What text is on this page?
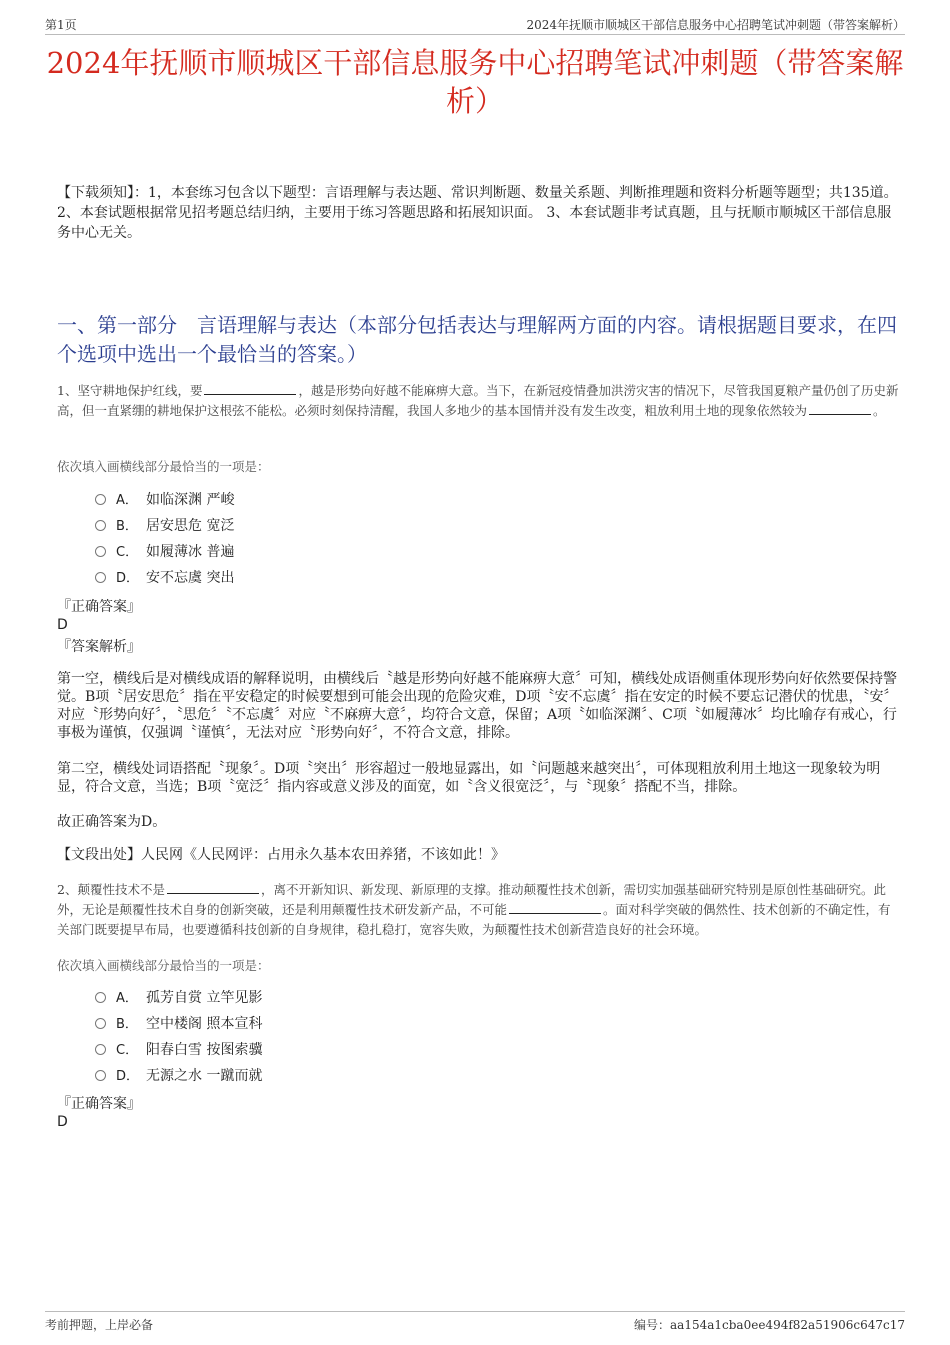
第1页	2024年抚顺市顺城区干部信息服务中心招聘笔试冲刺题（带答案解析）
2024年抚顺市顺城区干部信息服务中心招聘笔试冲刺题（带答案解析）
【下载须知】：1，本套练习包含以下题型：言语理解与表达题、常识判断题、数量关系题、判断推理题和资料分析题等题型；共135道。 2、本套试题根据常见招考题总结归纳，主要用于练习答题思路和拓展知识面。 3、本套试题非考试真题，且与抚顺市顺城区干部信息服务中心无关。
一、第一部分　言语理解与表达（本部分包括表达与理解两方面的内容。请根据题目要求，在四个选项中选出一个最恰当的答案。）
1、坚守耕地保护红线，要	，越是形势向好越不能麻痹大意。当下，在新冠疫情叠加洪涝灾害的情况下，尽管我国夏粮产量仍创了历史新高，但一直紧绷的耕地保护这根弦不能松。必须时刻保持清醒，我国人多地少的基本国情并没有发生改变，粗放利用土地的现象依然较为	。
依次填入画横线部分最恰当的一项是：
A． 如临深渊 严峻
B． 居安思危 宽泛
C． 如履薄冰 普遍
D． 安不忘虞 突出
『正确答案』
D
『答案解析』
第一空，横线后是对横线成语的解释说明，由横线后〝越是形势向好越不能麻痹大意〞可知，横线处成语侧重体现形势向好依然要保持警觉。B项〝居安思危〞指在平安稳定的时候要想到可能会出现的危险灾难，D项〝安不忘虞〞指在安定的时候不要忘记潜伏的忧患，〝安〞对应〝形势向好〞，〝思危〞〝不忘虞〞对应〝不麻痹大意〞，均符合文意，保留；A项〝如临深渊〞、C项〝如履薄冰〞均比喻存有戒心，行事极为谨慎，仅强调〝谨慎〞，无法对应〝形势向好〞，不符合文意，排除。
第二空，横线处词语搭配〝现象〞。D项〝突出〞形容超过一般地显露出，如〝问题越来越突出〞，可体现粗放利用土地这一现象较为明显，符合文意，当选；B项〝宽泛〞指内容或意义涉及的面宽，如〝含义很宽泛〞，与〝现象〞搭配不当，排除。
故正确答案为D。
【文段出处】人民网《人民网评：占用永久基本农田养猪，不该如此！》
2、颠覆性技术不是	，离不开新知识、新发现、新原理的支撑。推动颠覆性技术创新，需切实加强基础研究特别是原创性基础研究。此外，无论是颠覆性技术自身的创新突破，还是利用颠覆性技术研发新产品，不可能	。面对科学突破的偶然性、技术创新的不确定性，有关部门既要提早布局，也要遵循科技创新的自身规律，稳扎稳打，宽容失败，为颠覆性技术创新营造良好的社会环境。
依次填入画横线部分最恰当的一项是：
A． 孤芳自赏 立竿见影
B． 空中楼阁 照本宣科
C． 阳春白雪 按图索骥
D． 无源之水 一蹴而就
『正确答案』
D
考前押题，上岸必备	编号：aa154a1cba0ee494f82a51906c647c17
